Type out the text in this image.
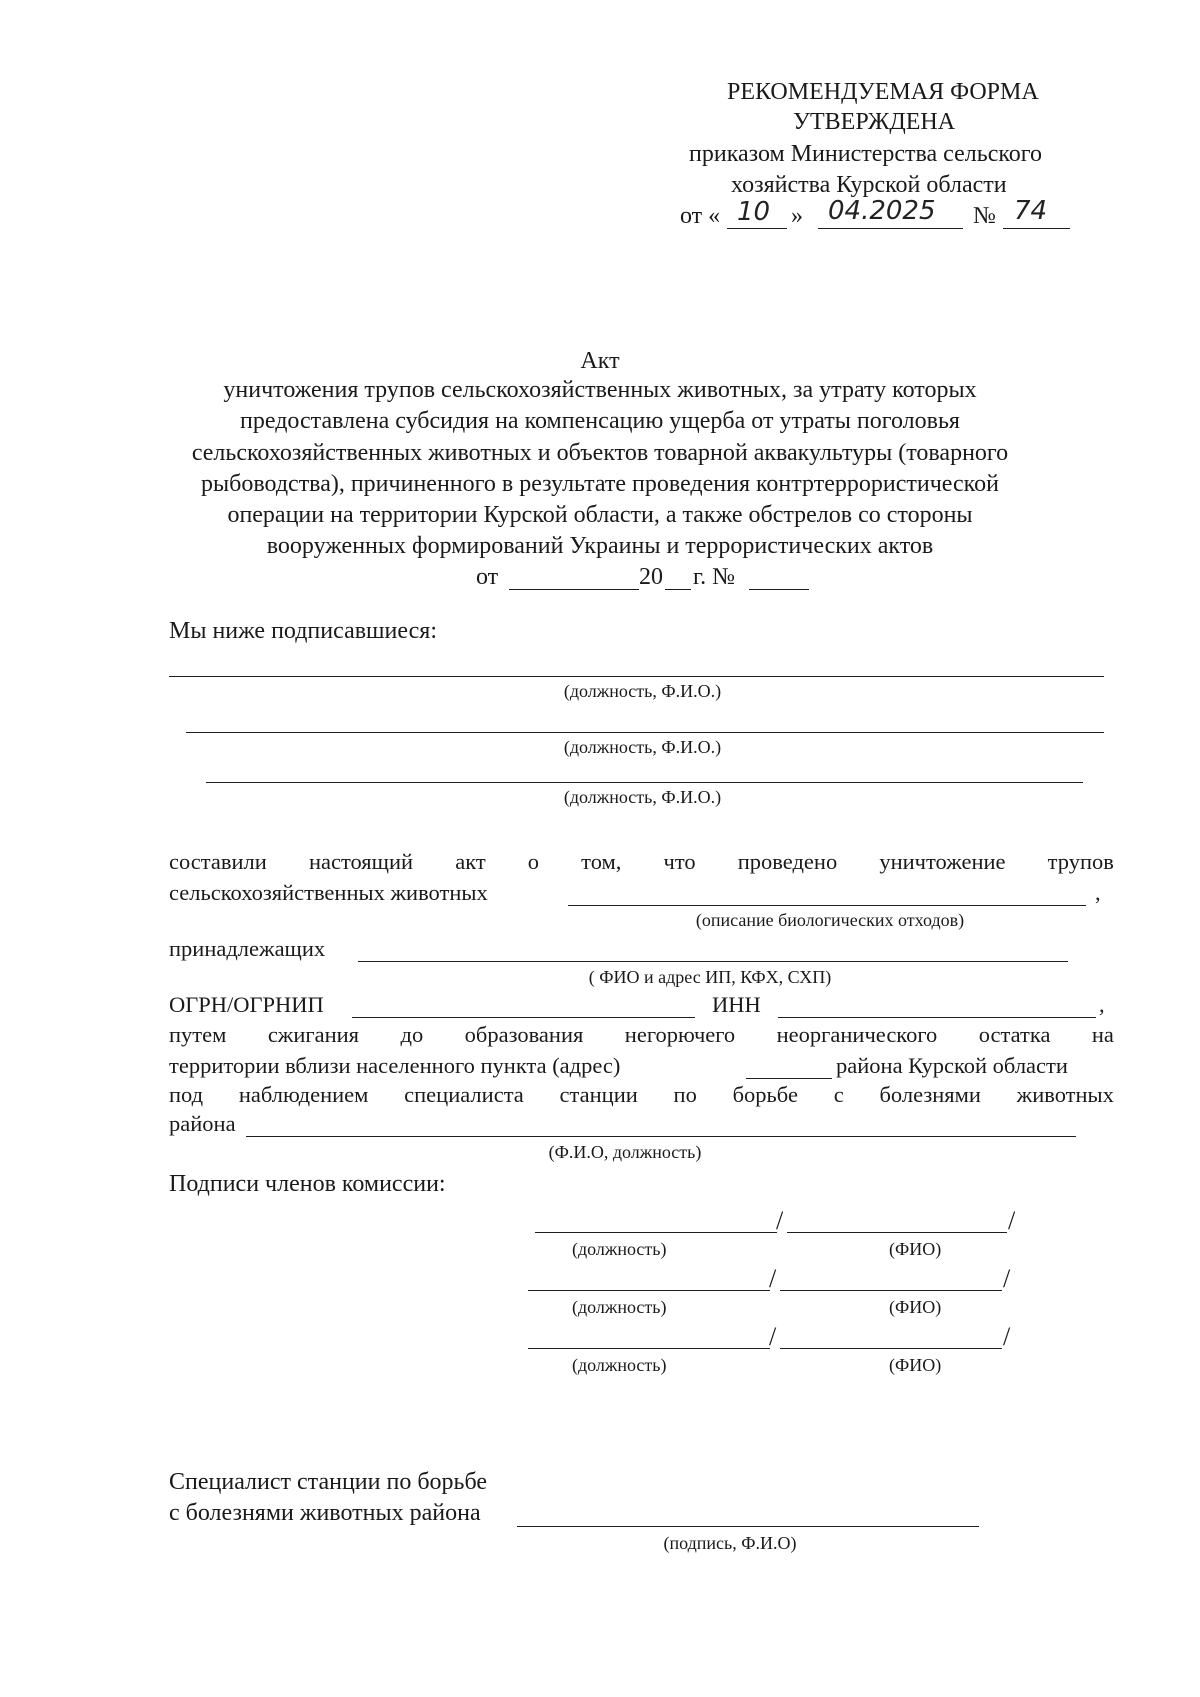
РЕКОМЕНДУЕМАЯ ФОРМА
УТВЕРЖДЕНА
приказом Министерства сельского
хозяйства Курской области
от « 10 » 04.2025 № 74
Акт
уничтожения трупов сельскохозяйственных животных, за утрату которых
предоставлена субсидия на компенсацию ущерба от утраты поголовья
сельскохозяйственных животных и объектов товарной аквакультуры (товарного
рыбоводства), причиненного в результате проведения контртеррористической
операции на территории Курской области, а также обстрелов со стороны
вооруженных формирований Украины и террористических актов
от	20 г. №
Мы ниже подписавшиеся:
(должность, Ф.И.О.)
(должность, Ф.И.О.)
(должность, Ф.И.О.)
составили настоящий акт о том, что проведено уничтожение трупов
сельскохозяйственных животных	,
(описание биологических отходов)
принадлежащих
( ФИО и адрес ИП, КФХ, СХП)
ОГРН/ОГРНИП	ИНН	,
путем сжигания до образования негорючего неорганического остатка на
территории вблизи населенного пункта (адрес)	района Курской области
под наблюдением специалиста станции по борьбе с болезнями животных
района
(Ф.И.О, должность)
Подписи членов комиссии:
/	/
(должность)	(ФИО)
/	/
(должность)	(ФИО)
/	/
(должность)	(ФИО)
Специалист станции по борьбе
с болезнями животных района
(подпись, Ф.И.О)
